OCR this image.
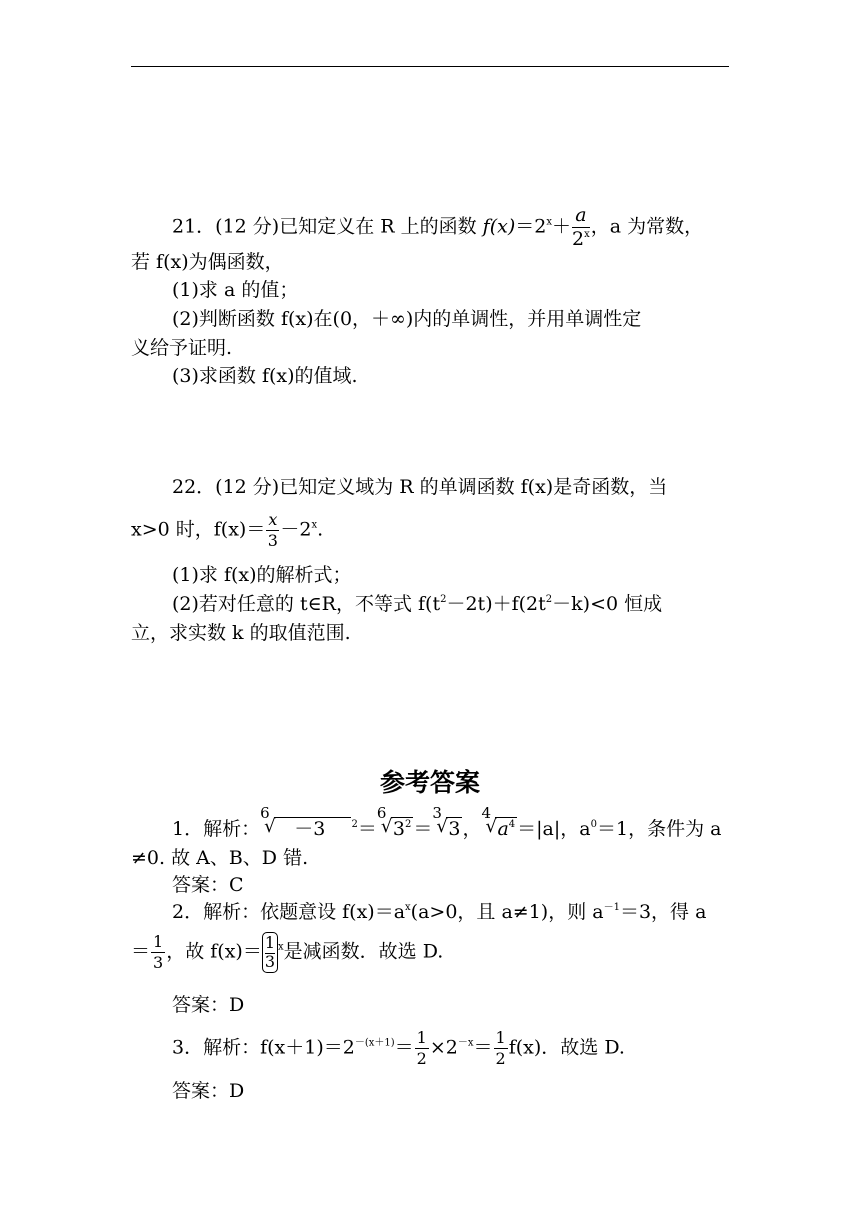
21．(12 分)已知定义在 R 上的函数 $f(x)=2^x+ \frac{a}{2^x}$ ，a 为常数，
若 f(x)为偶函数，
(1)求 a 的值；
(2)判断函数 f(x)在(0，＋∞)内的单调性，并用单调性定
义给予证明.
(3)求函数 f(x)的值域.
22．(12 分)已知定义域为 R 的单调函数 f(x)是奇函数，当
x>0 时，$f(x)= \frac{x}{3} -2^x$.
(1)求 f(x)的解析式；
(2)若对任意的 t∈R，不等式 $f(t^2-2t)+f(2t^2-k)<0$ 恒成
立，求实数 k 的取值范围.
参考答案
1．解析：
√ 6
－3    $^2$＝
√ 6
$3^2$ ＝
√ 3
3 ，
√ 4
$a^4 =|a|$，$a^0=1$，条件为 a
≠0. 故 A、B、D 错.
答案：C
2．解析：依题意设 $f(x)=a^x(a>0$，且 a≠1)，则 $a^{-1}=3$，得 a
＝ $\frac{1}{3}$ ，故 $f(x)= \frac{1}{3} ^x$是减函数．故选 D.
答案：D
3．解析：$f(x+1)=2^{-(x+1)}= \frac{1}{2} \times 2^{-x}= \frac{1}{2} f(x)$．故选 D.
答案：D
